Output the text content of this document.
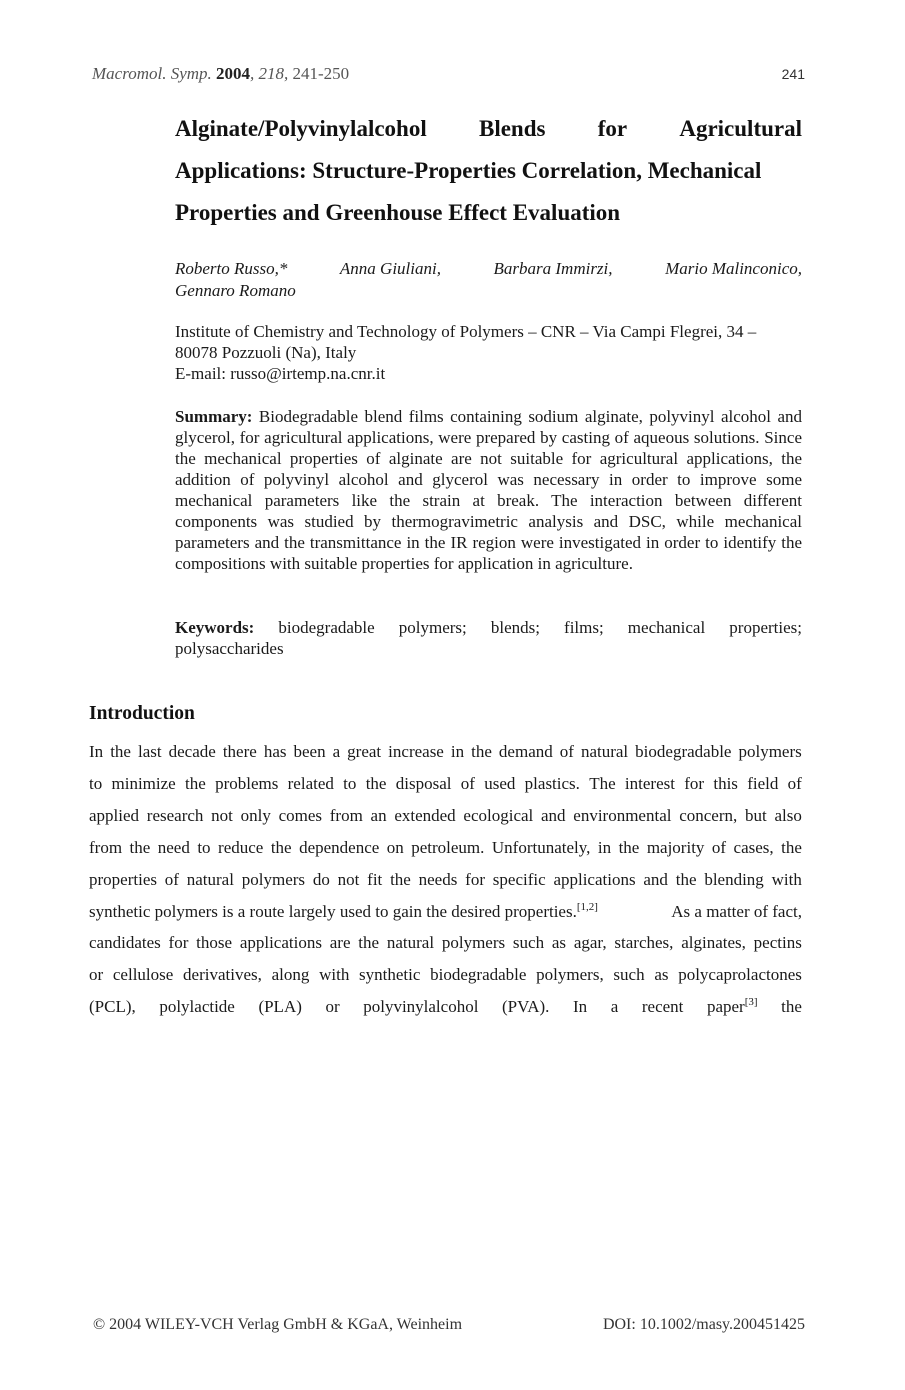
Macromol. Symp. 2004, 218, 241-250	241
Alginate/Polyvinylalcohol Blends for Agricultural
Applications: Structure-Properties Correlation, Mechanical
Properties and Greenhouse Effect Evaluation
Roberto Russo,*	Anna Giuliani,	Barbara Immirzi,	Mario Malinconico,
Gennaro Romano
Institute of Chemistry and Technology of Polymers – CNR – Via Campi Flegrei, 34 –
80078 Pozzuoli (Na), Italy
E-mail: russo@irtemp.na.cnr.it
Summary: Biodegradable blend films containing sodium alginate, polyvinyl alcohol and glycerol, for agricultural applications, were prepared by casting of aqueous solutions. Since the mechanical properties of alginate are not suitable for agricultural applications, the addition of polyvinyl alcohol and glycerol was necessary in order to improve some mechanical parameters like the strain at break. The interaction between different components was studied by thermogravimetric analysis and DSC, while mechanical parameters and the transmittance in the IR region were investigated in order to identify the compositions with suitable properties for application in agriculture.
Keywords: biodegradable polymers; blends; films; mechanical properties;
polysaccharides
Introduction
In the last decade there has been a great increase in the demand of natural biodegradable polymers
to minimize the problems related to the disposal of used plastics. The interest for this field of
applied research not only comes from an extended ecological and environmental concern, but also
from the need to reduce the dependence on petroleum. Unfortunately, in the majority of cases, the
properties of natural polymers do not fit the needs for specific applications and the blending with
synthetic polymers is a route largely used to gain the desired properties.[1,2]	As a matter of fact,
candidates for those applications are the natural polymers such as agar, starches, alginates, pectins
or cellulose derivatives, along with synthetic biodegradable polymers, such as polycaprolactones
(PCL), polylactide (PLA) or polyvinylalcohol (PVA). In a recent paper[3] the
© 2004 WILEY-VCH Verlag GmbH & KGaA, Weinheim	DOI: 10.1002/masy.200451425
